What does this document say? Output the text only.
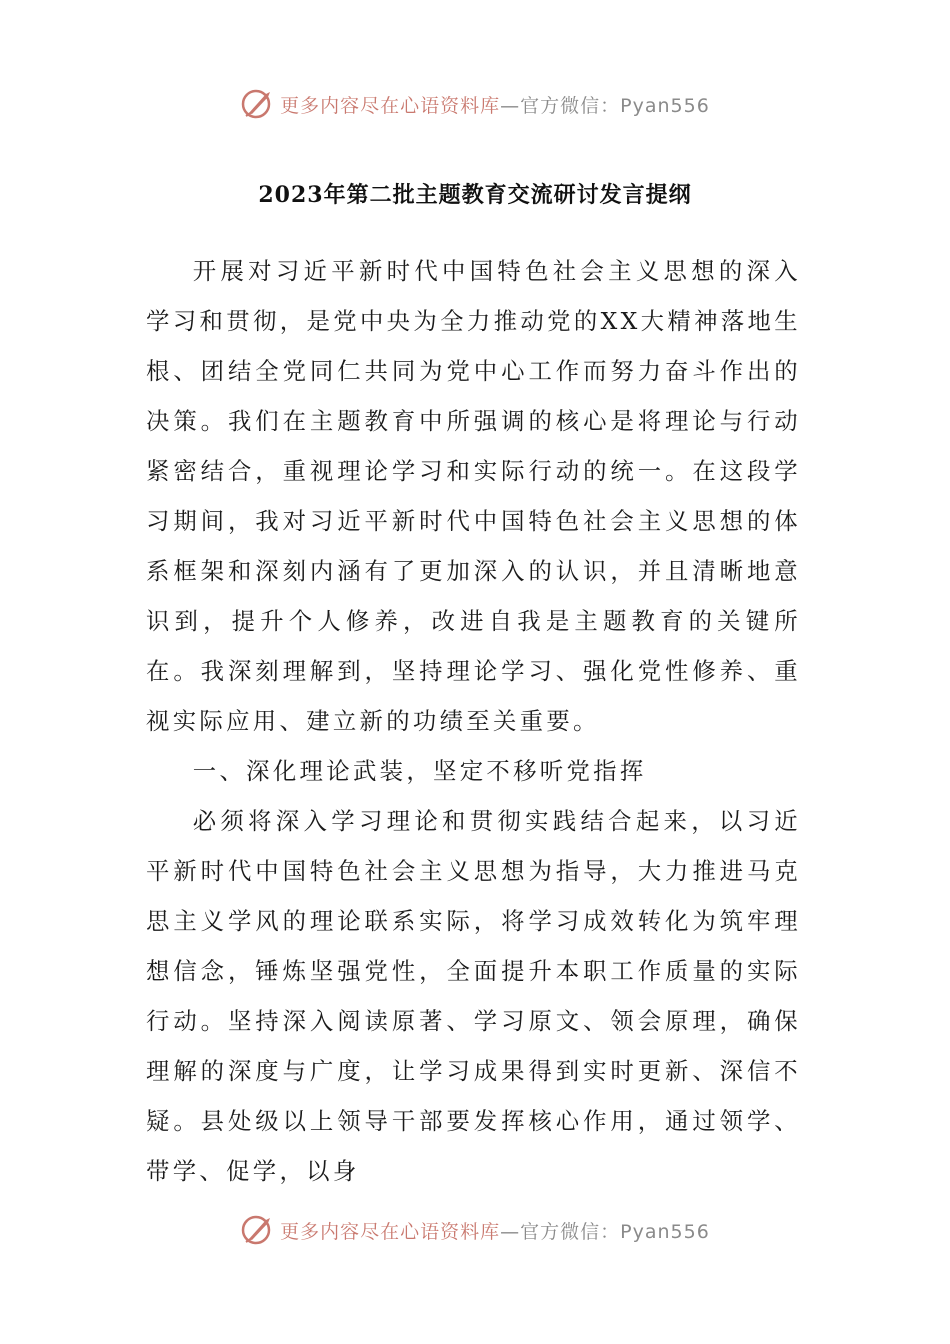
更多内容尽在心语资料库—官方微信：Pyan556
2023年第二批主题教育交流研讨发言提纲

开展对习近平新时代中国特色社会主义思想的深入学习和贯彻，是党中央为全力推动党的XX大精神落地生根、团结全党同仁共同为党中心工作而努力奋斗作出的决策。我们在主题教育中所强调的核心是将理论与行动紧密结合，重视理论学习和实际行动的统一。在这段学习期间，我对习近平新时代中国特色社会主义思想的体系框架和深刻内涵有了更加深入的认识，并且清晰地意识到，提升个人修养，改进自我是主题教育的关键所在。我深刻理解到，坚持理论学习、强化党性修养、重视实际应用、建立新的功绩至关重要。

一、深化理论武装，坚定不移听党指挥

必须将深入学习理论和贯彻实践结合起来，以习近平新时代中国特色社会主义思想为指导，大力推进马克思主义学风的理论联系实际，将学习成效转化为筑牢理想信念，锤炼坚强党性，全面提升本职工作质量的实际行动。坚持深入阅读原著、学习原文、领会原理，确保理解的深度与广度，让学习成果得到实时更新、深信不疑。县处级以上领导干部要发挥核心作用，通过领学、带学、促学，以身

更多内容尽在心语资料库—官方微信：Pyan556
